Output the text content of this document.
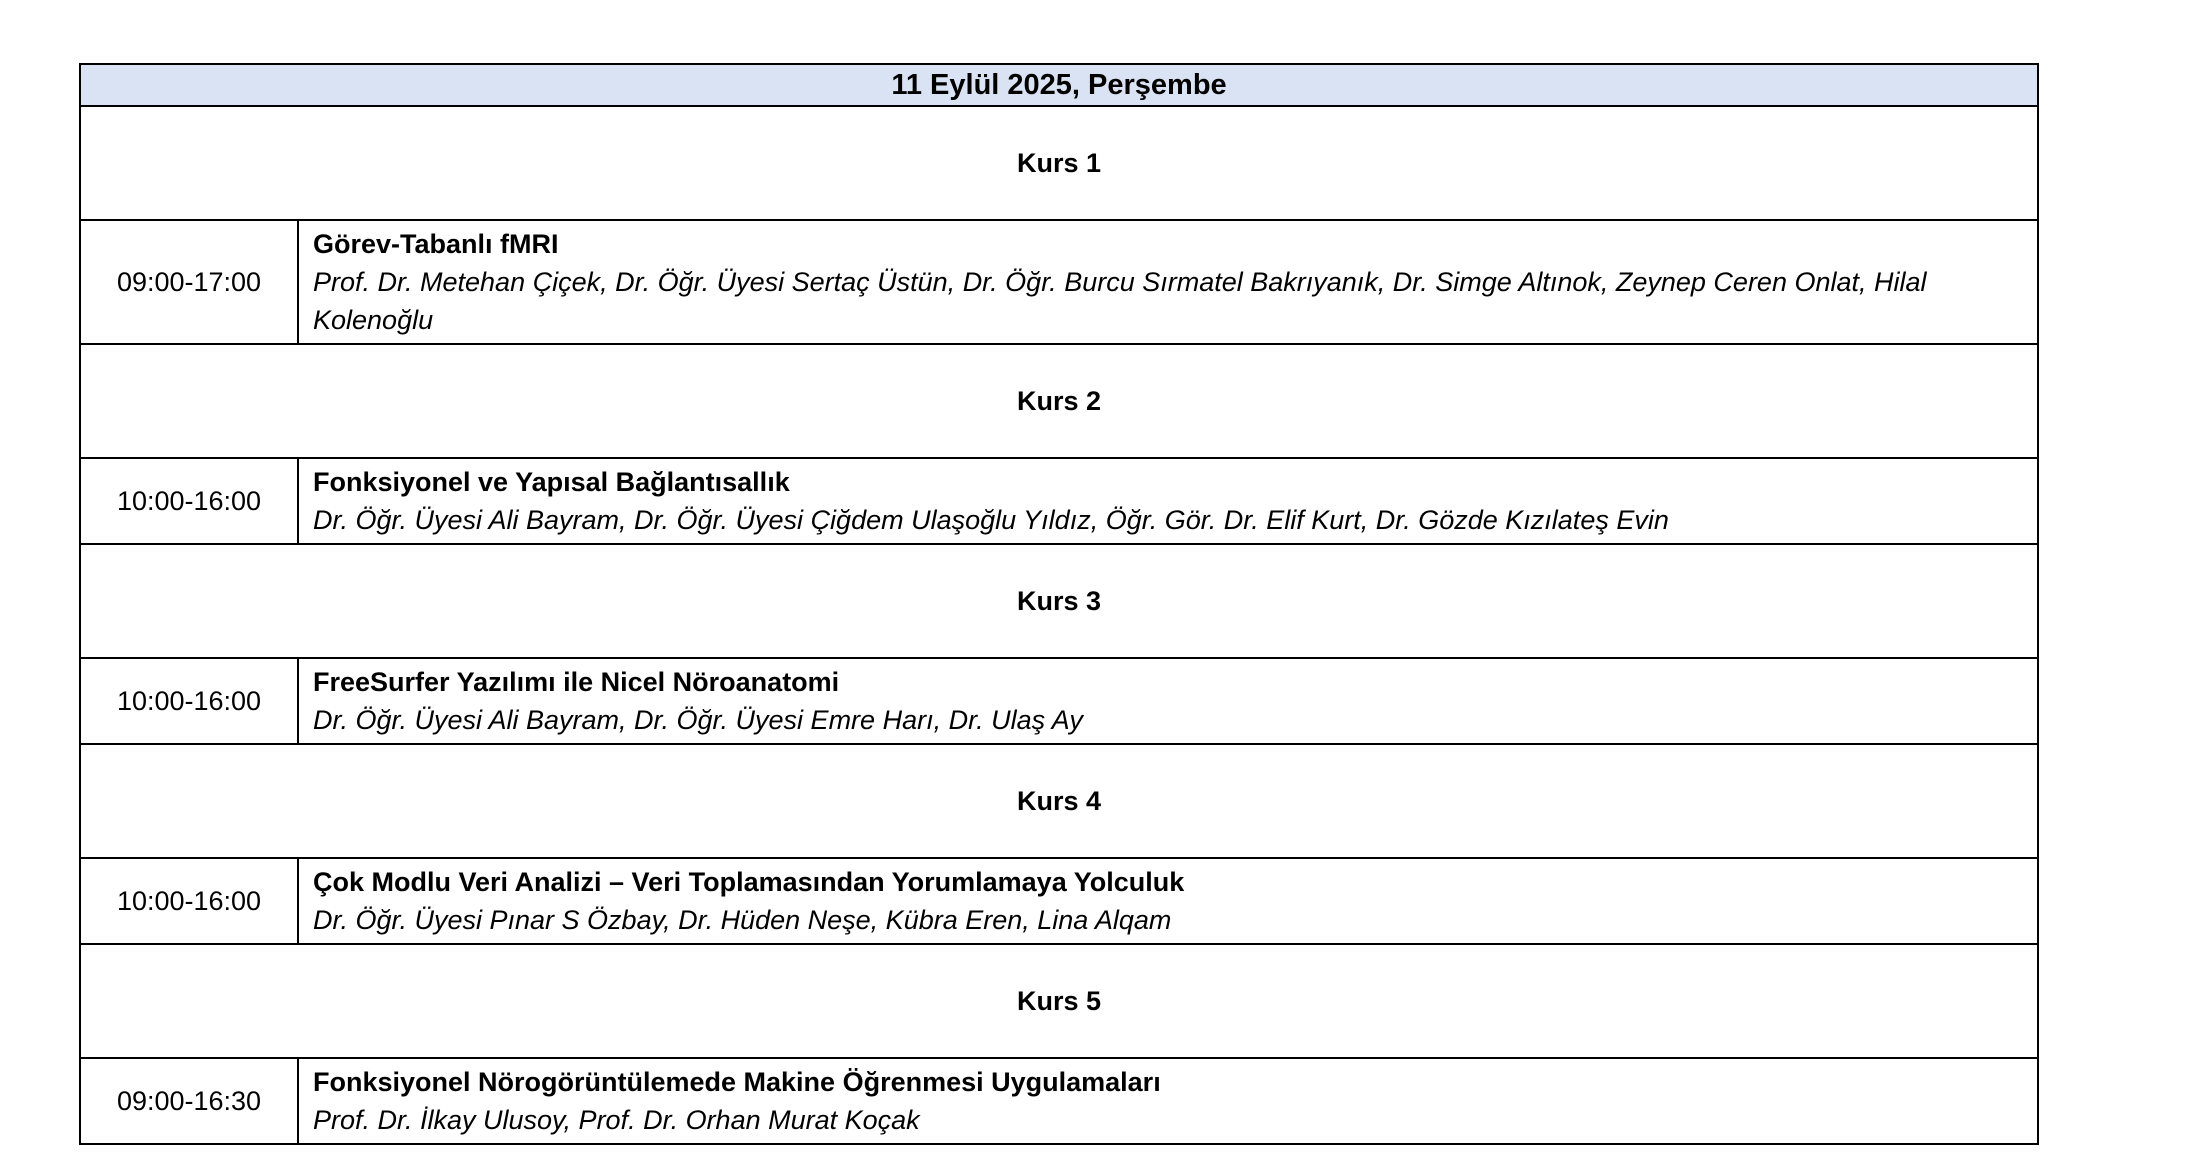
11 Eylül 2025, Perşembe	
Kurs 1	
09:00-17:00	Görev-Tabanlı fMRI
Prof. Dr. Metehan Çiçek, Dr. Öğr. Üyesi Sertaç Üstün, Dr. Öğr. Burcu Sırmatel Bakrıyanık, Dr. Simge Altınok, Zeynep Ceren Onlat, Hilal Kolenoğlu

Kurs 2	
10:00-16:00	Fonksiyonel ve Yapısal Bağlantısallık
Dr. Öğr. Üyesi Ali Bayram, Dr. Öğr. Üyesi Çiğdem Ulaşoğlu Yıldız, Öğr. Gör. Dr. Elif Kurt, Dr. Gözde Kızılateş Evin

Kurs 3	
10:00-16:00	FreeSurfer Yazılımı ile Nicel Nöroanatomi
Dr. Öğr. Üyesi Ali Bayram, Dr. Öğr. Üyesi Emre Harı, Dr. Ulaş Ay

Kurs 4	
10:00-16:00	Çok Modlu Veri Analizi – Veri Toplamasından Yorumlamaya Yolculuk
Dr. Öğr. Üyesi Pınar S Özbay, Dr. Hüden Neşe, Kübra Eren, Lina Alqam

Kurs 5	
09:00-16:30	Fonksiyonel Nörogörüntülemede Makine Öğrenmesi Uygulamaları
Prof. Dr. İlkay Ulusoy, Prof. Dr. Orhan Murat Koçak
